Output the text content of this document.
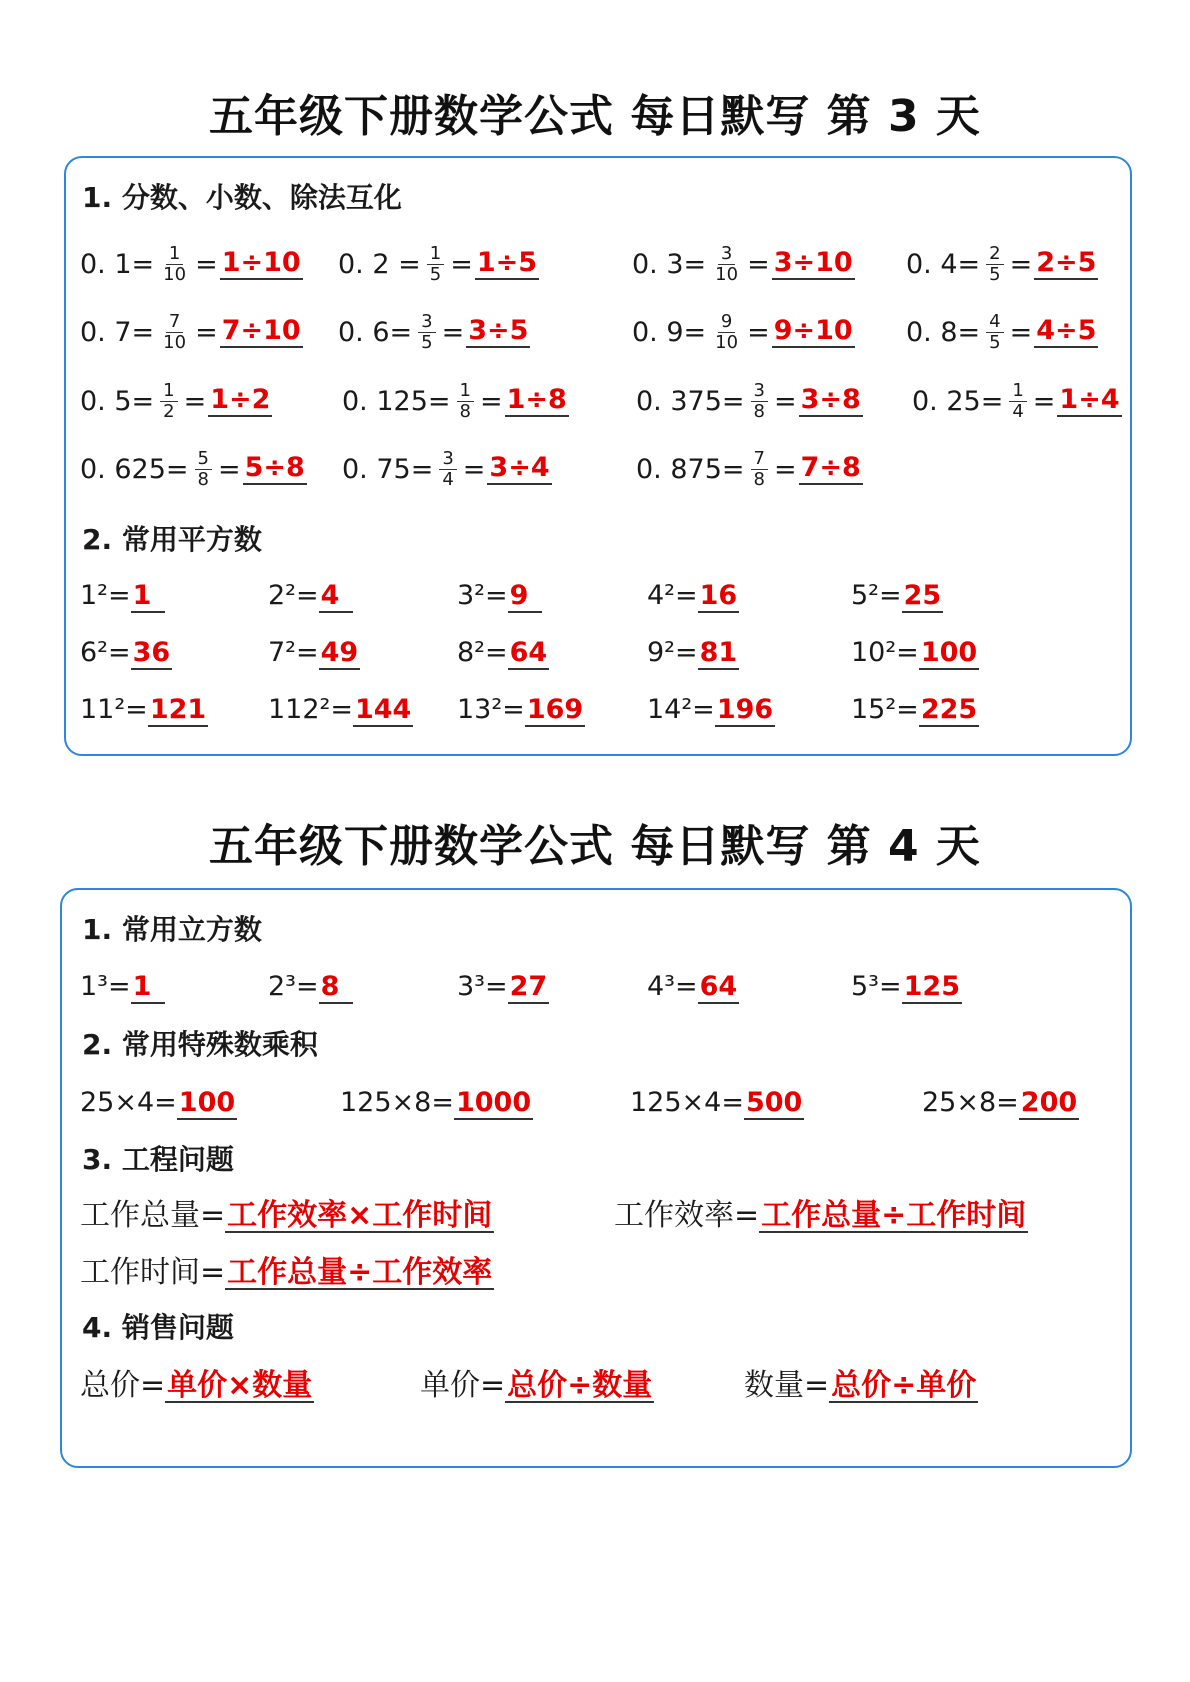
五年级下册数学公式 每日默写 第 3 天
1. 分数、小数、除法互化
0. $1= \frac{1}{10} = 1\div 10$ 0. $2 = \frac{1}{5} = 1\div 5$	0. $3= \frac{3}{10} = 3\div 10$ 0. $4= \frac{2}{5} = 2\div 5$
0. $7= \frac{7}{10} = 7\div 10$ 0. $6= \frac{3}{5} = 3\div 5$	0. $9= \frac{9}{10} = 9\div 10$ 0. $8= \frac{4}{5} = 4\div 5$
0. $5= \frac{1}{2} = 1\div 2$	0. $125= \frac{1}{8} = 1\div 8$	0. $375= \frac{3}{8} = 3\div 8$ 0. $25= \frac{1}{4} = 1\div 4$
0. $625= \frac{5}{8} = 5\div 8$ 0. $75= \frac{3}{4} = 3\div 4$	0. $875= \frac{7}{8} = 7\div 8$
2. 常用平方数
1²=1	2²=4	3²=9	4²=16	5²=25
6²=36	7²=49	8²=64	9²=81	10²=100
11²=121 112²=144 13²=169 14²=196	15²=225
五年级下册数学公式 每日默写 第 4 天
1. 常用立方数
1³=1	2³=8	3³=27	4³=64	5³=125
2. 常用特殊数乘积
25×4=100	125×8=1000	125×4=500	25×8=200
3. 工程问题
工作总量=工作效率×工作时间	工作效率=工作总量÷工作时间
工作时间=工作总量÷工作效率
4. 销售问题
总价=单价×数量	单价=总价÷数量	数量=总价÷单价
